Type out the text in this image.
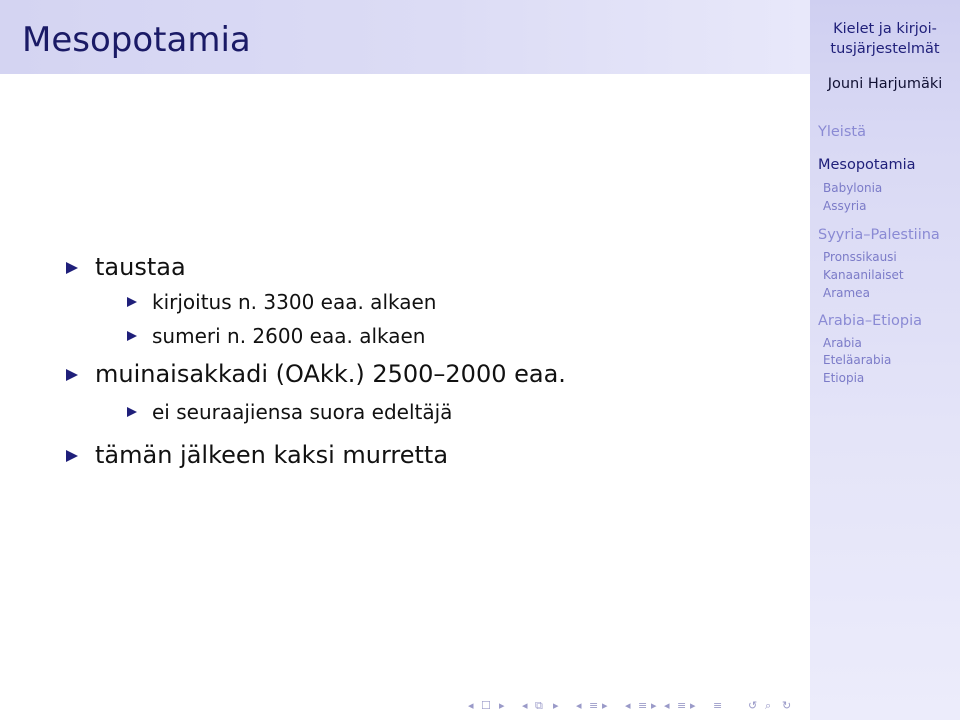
Mesopotamia
taustaa
kirjoitus n. 3300 eaa. alkaen
sumeri n. 2600 eaa. alkaen
muinaisakkadi (OAkk.) 2500–2000 eaa.
ei seuraajiensa suora edeltäjä
tämän jälkeen kaksi murretta
Kielet ja kirjoi-
tusjärjestelmät
Jouni Harjumäki
Yleistä
Mesopotamia
Babylonia
Assyria
Syyria–Palestiina
Pronssikausi
Kanaanilaiset
Aramea
Arabia–Etiopia
Arabia
Eteläarabia
Etiopia
◂ ☐ ▸ ◂ ⧉ ▸ ◂ ≡ ▸ ◂ ≡ ▸ ◂ ≡ ▸ ≡ ↺ ⌕ ↻
